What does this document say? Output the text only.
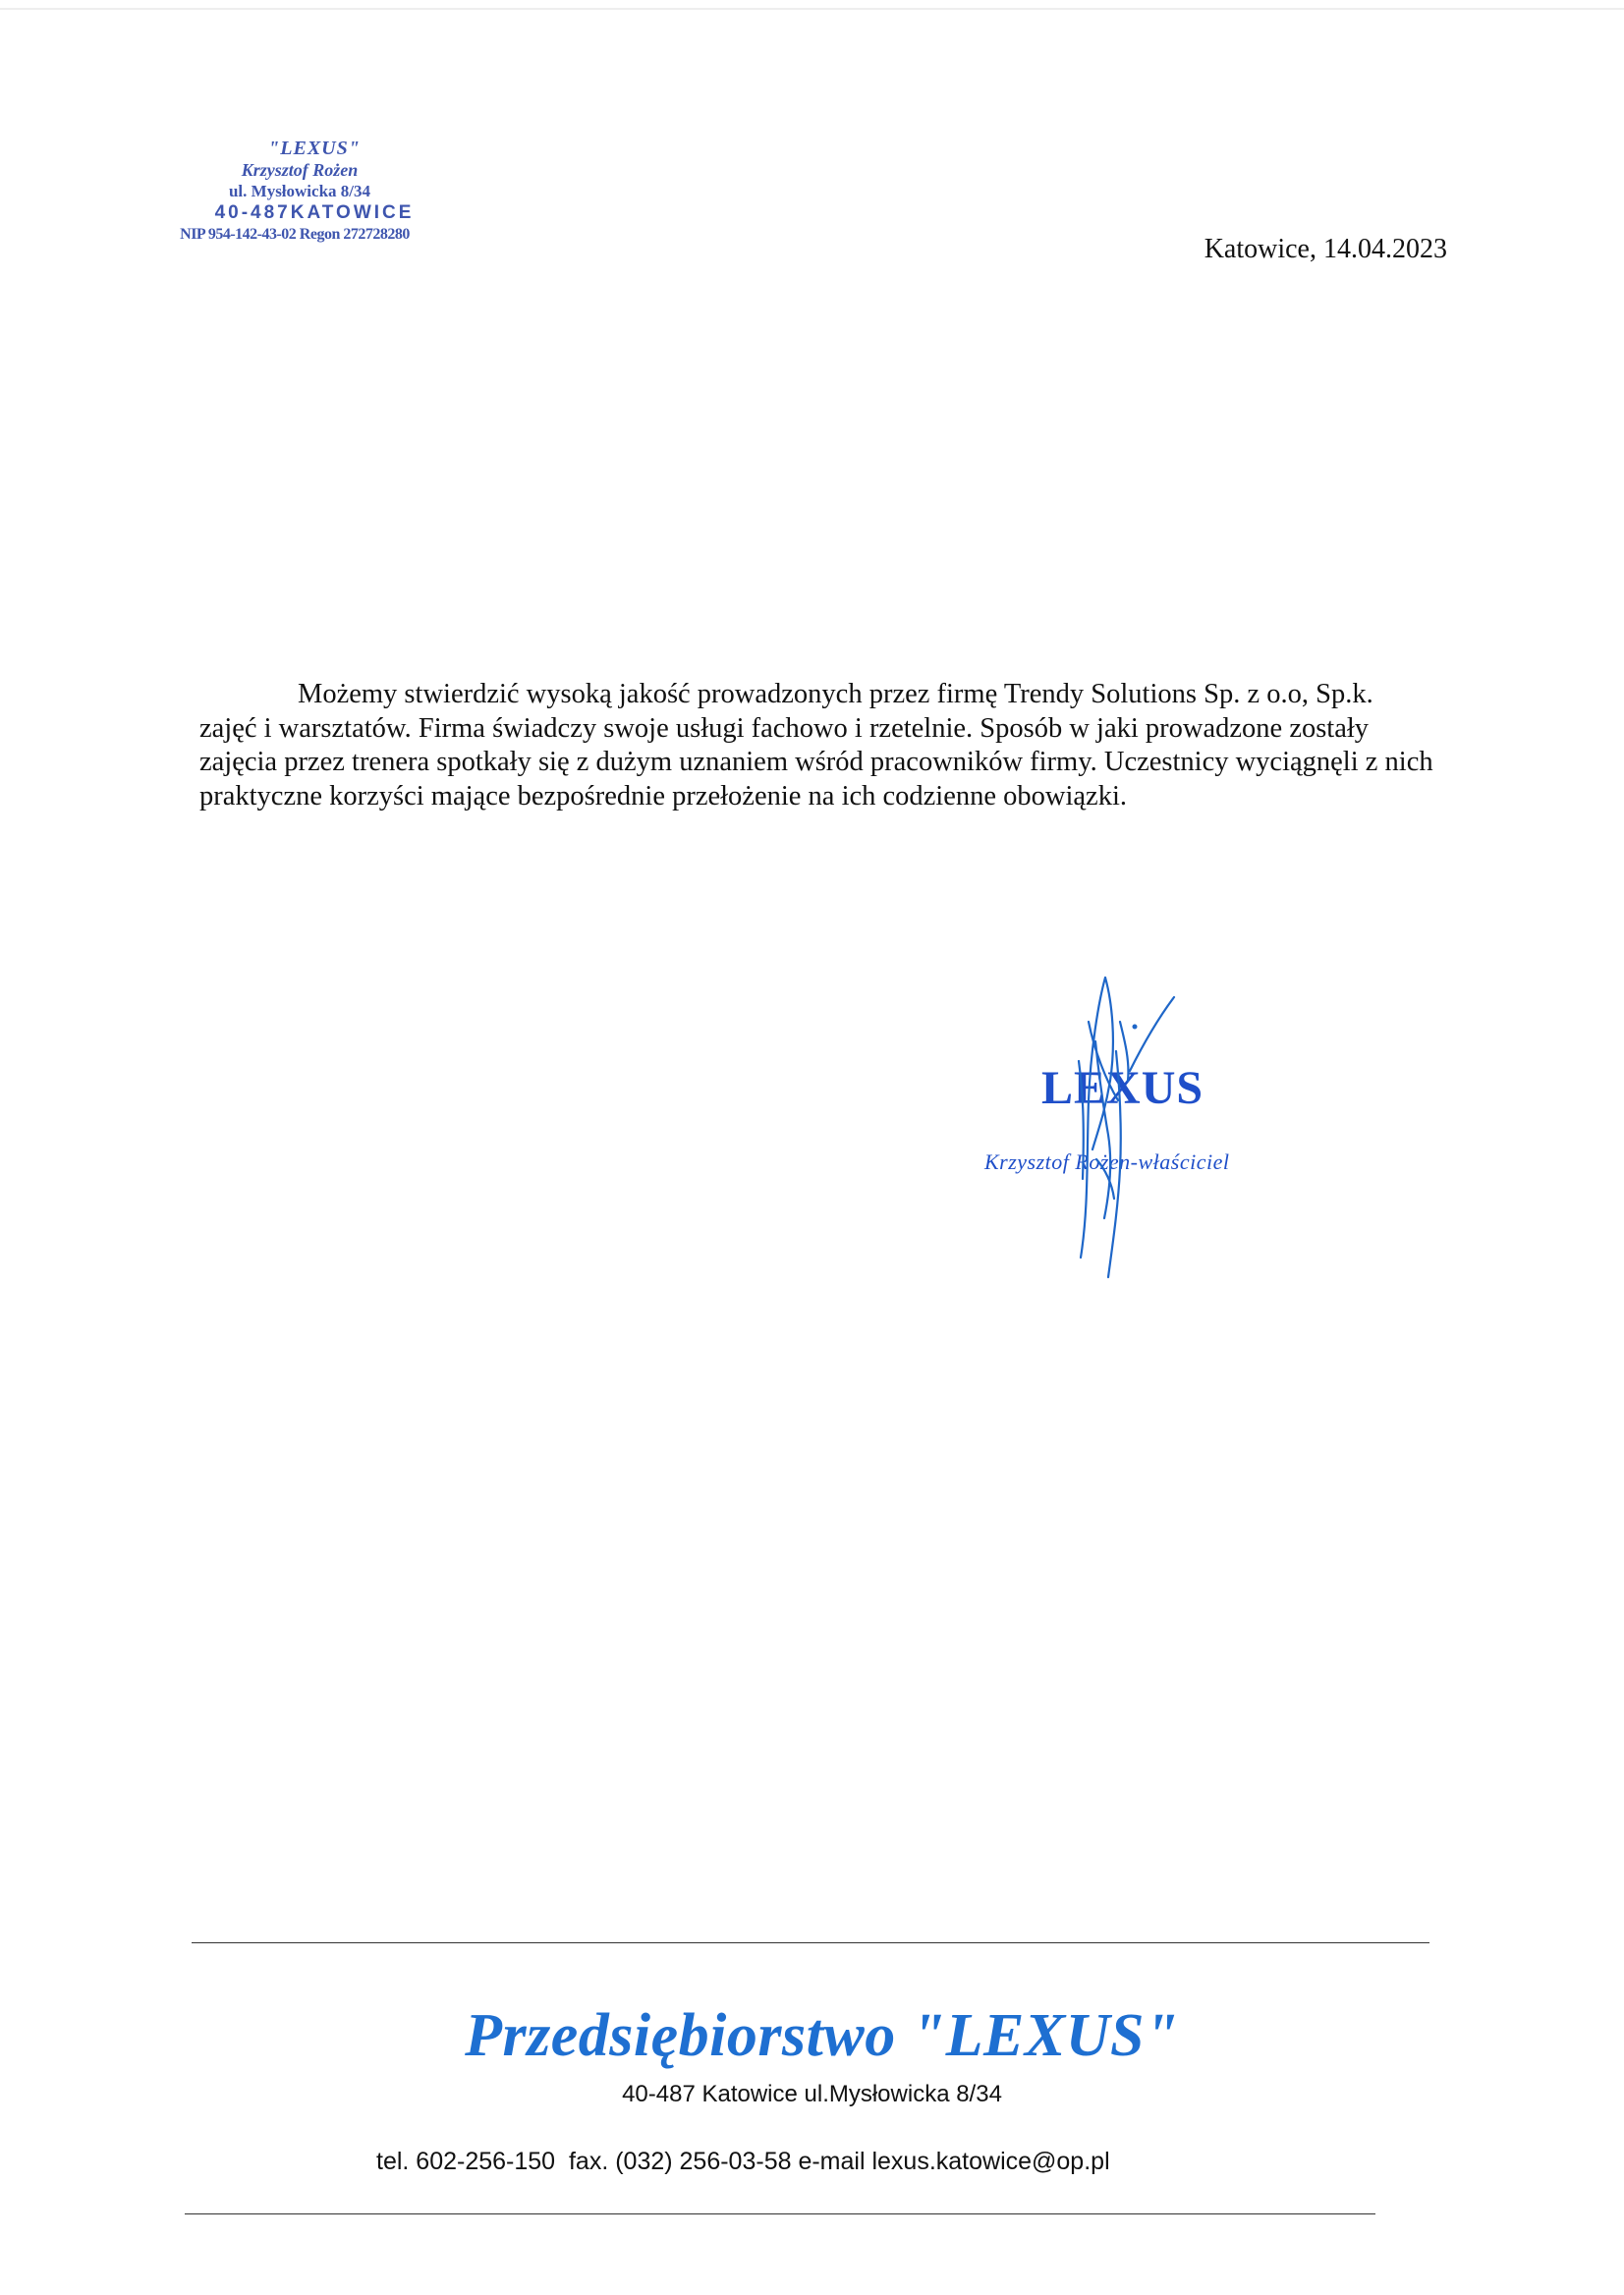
"LEXUS"
Krzysztof Rożen
ul. Mysłowicka 8/34
40-487KATOWICE
NIP 954-142-43-02 Regon 272728280	Katowice, 14.04.2023

Możemy stwierdzić wysoką jakość prowadzonych przez firmę Trendy Solutions Sp. z o.o, Sp.k. zajęć i warsztatów. Firma świadczy swoje usługi fachowo i rzetelnie. Sposób w jaki prowadzone zostały zajęcia przez trenera spotkały się z dużym uznaniem wśród pracowników firmy. Uczestnicy wyciągnęli z nich praktyczne korzyści mające bezpośrednie przełożenie na ich codzienne obowiązki.

LEXUS
Krzysztof Rożen-właściciel
Przedsiębiorstwo "LEXUS"
40-487 Katowice ul.Mysłowicka 8/34
tel. 602-256-150  fax. (032) 256-03-58 e-mail lexus.katowice@op.pl
